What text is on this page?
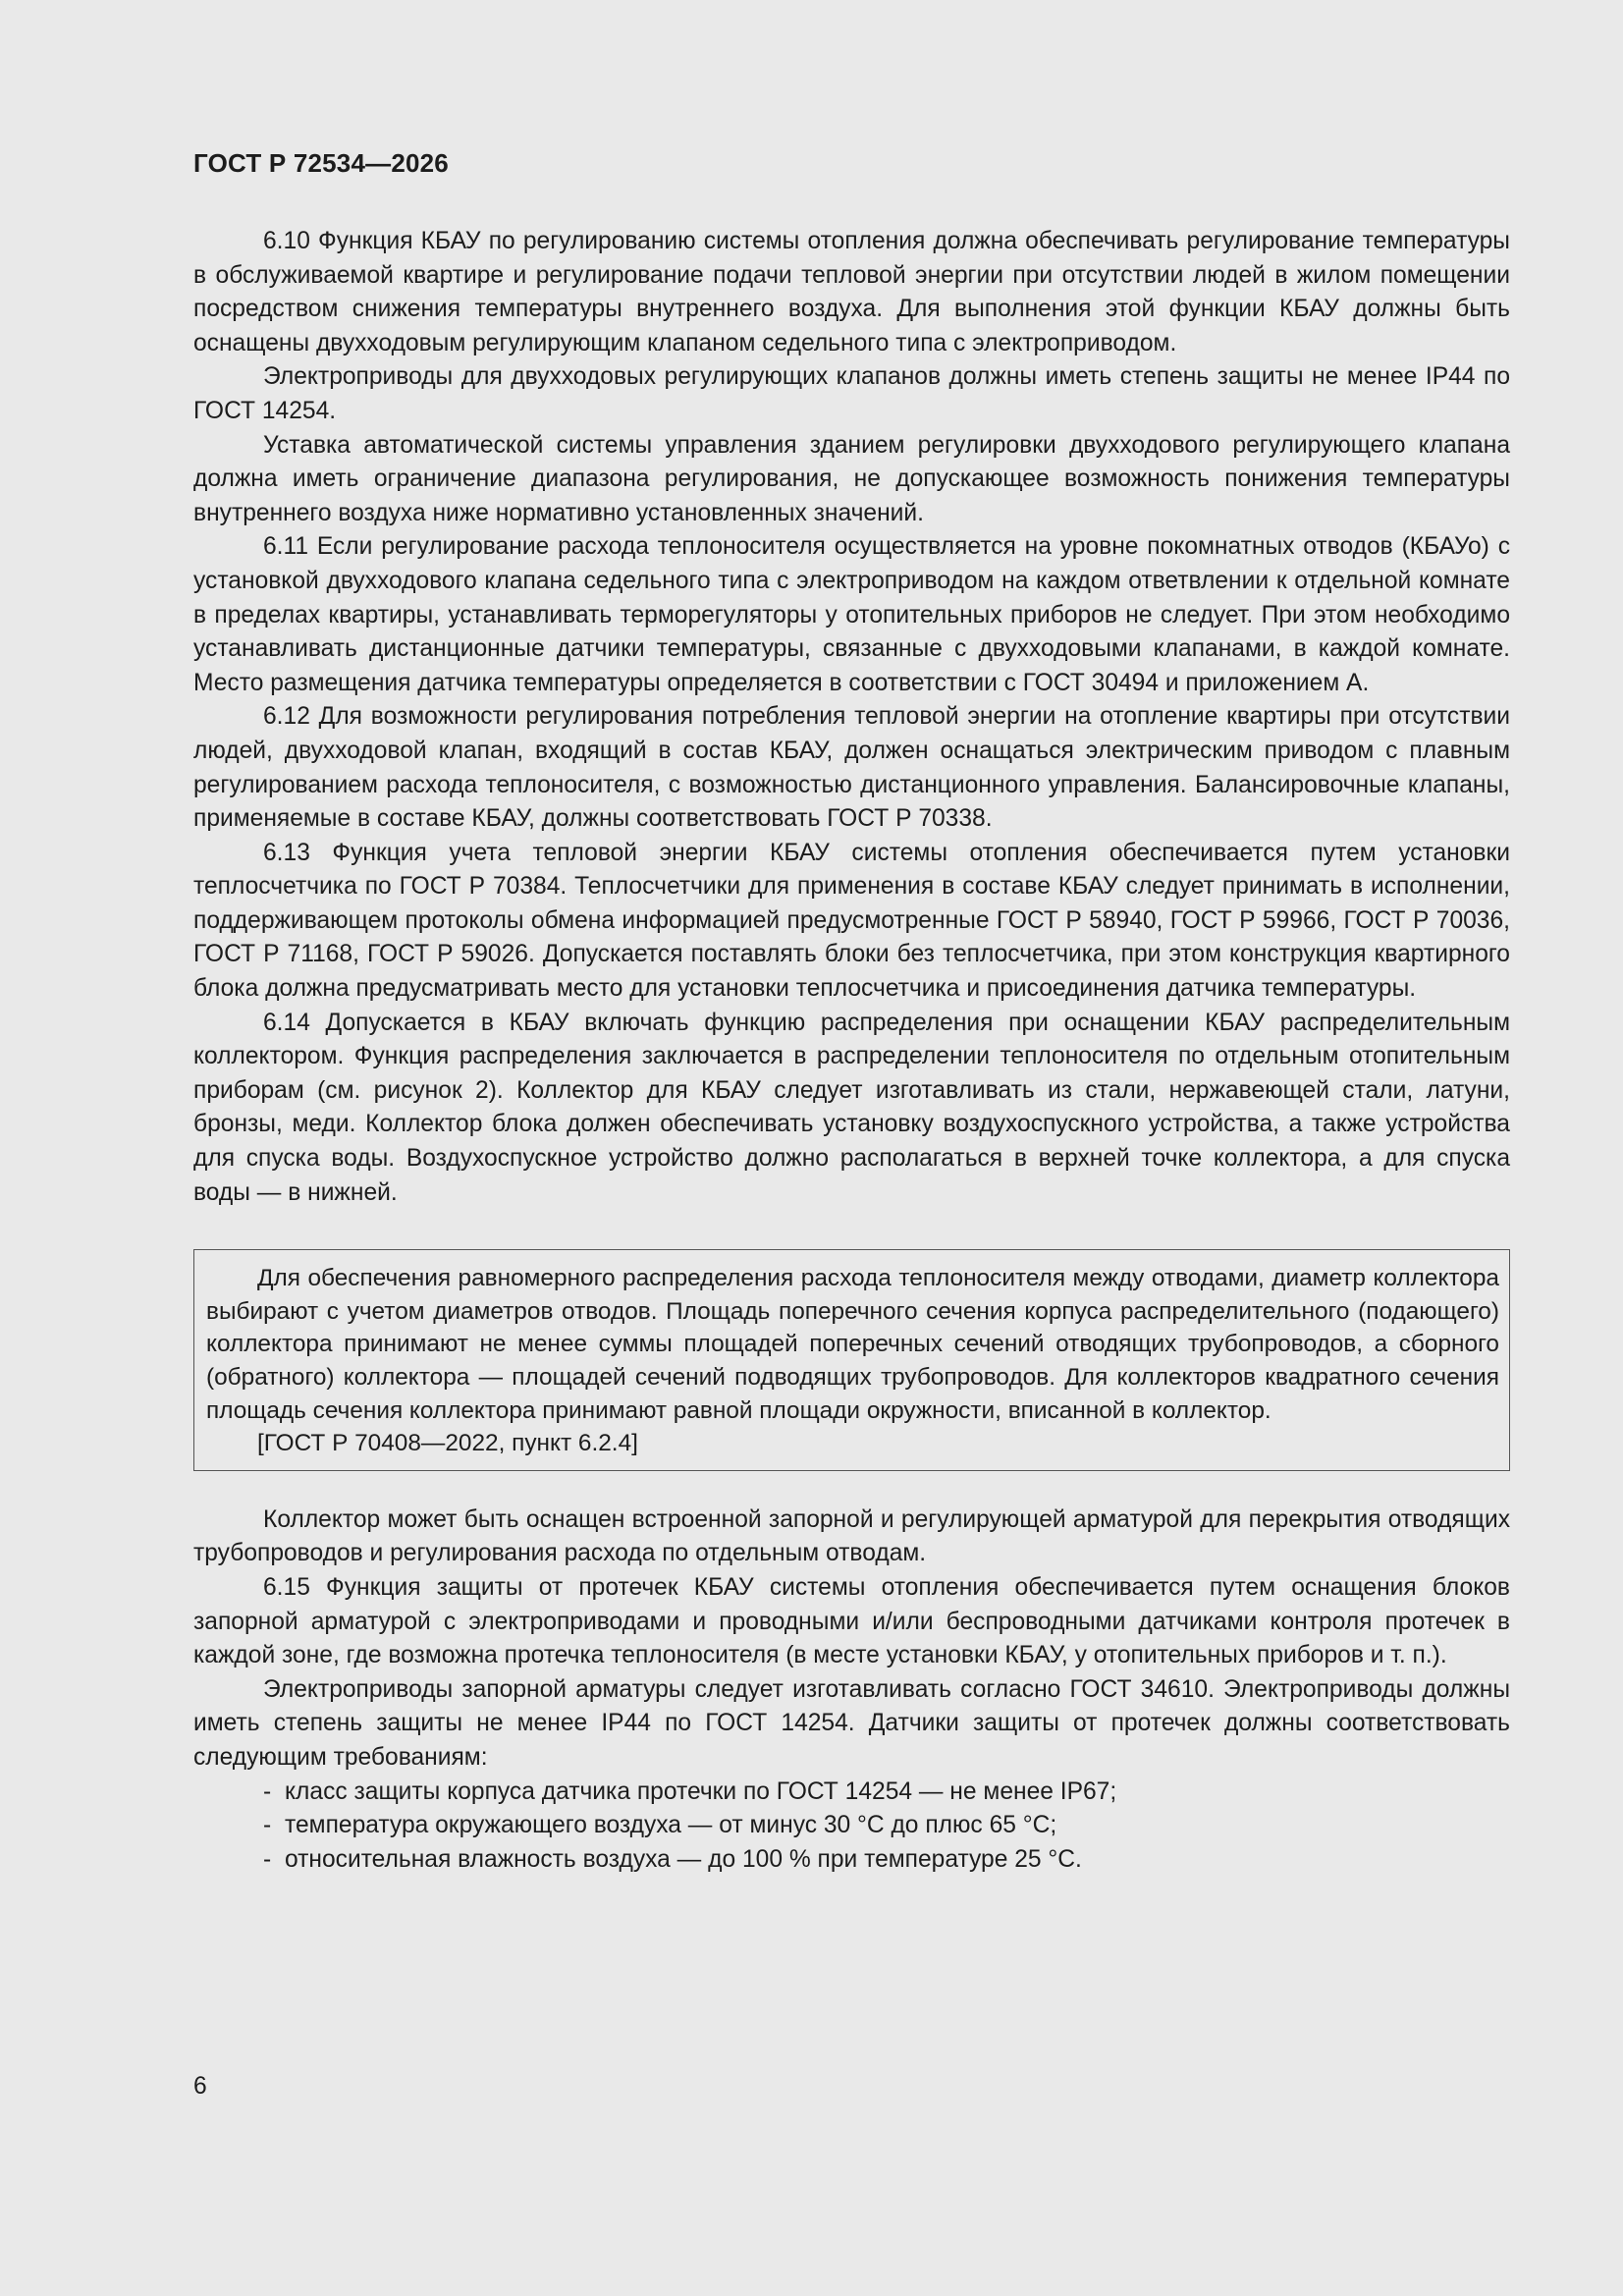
ГОСТ Р 72534—2026

6.10 Функция КБАУ по регулированию системы отопления должна обеспечивать регулирование температуры в обслуживаемой квартире и регулирование подачи тепловой энергии при отсутствии людей в жилом помещении посредством снижения температуры внутреннего воздуха. Для выполнения этой функции КБАУ должны быть оснащены двухходовым регулирующим клапаном седельного типа с электроприводом.

Электроприводы для двухходовых регулирующих клапанов должны иметь степень защиты не менее IP44 по ГОСТ 14254.

Уставка автоматической системы управления зданием регулировки двухходового регулирующего клапана должна иметь ограничение диапазона регулирования, не допускающее возможность понижения температуры внутреннего воздуха ниже нормативно установленных значений.

6.11 Если регулирование расхода теплоносителя осуществляется на уровне покомнатных отводов (КБАУо) с установкой двухходового клапана седельного типа с электроприводом на каждом ответвлении к отдельной комнате в пределах квартиры, устанавливать терморегуляторы у отопительных приборов не следует. При этом необходимо устанавливать дистанционные датчики температуры, связанные с двухходовыми клапанами, в каждой комнате. Место размещения датчика температуры определяется в соответствии с ГОСТ 30494 и приложением А.

6.12 Для возможности регулирования потребления тепловой энергии на отопление квартиры при отсутствии людей, двухходовой клапан, входящий в состав КБАУ, должен оснащаться электрическим приводом с плавным регулированием расхода теплоносителя, с возможностью дистанционного управления. Балансировочные клапаны, применяемые в составе КБАУ, должны соответствовать ГОСТ Р 70338.

6.13 Функция учета тепловой энергии КБАУ системы отопления обеспечивается путем установки теплосчетчика по ГОСТ Р 70384. Теплосчетчики для применения в составе КБАУ следует принимать в исполнении, поддерживающем протоколы обмена информацией предусмотренные ГОСТ Р 58940, ГОСТ Р 59966, ГОСТ Р 70036, ГОСТ Р 71168, ГОСТ Р 59026. Допускается поставлять блоки без теплосчетчика, при этом конструкция квартирного блока должна предусматривать место для установки теплосчетчика и присоединения датчика температуры.

6.14 Допускается в КБАУ включать функцию распределения при оснащении КБАУ распределительным коллектором. Функция распределения заключается в распределении теплоносителя по отдельным отопительным приборам (см. рисунок 2). Коллектор для КБАУ следует изготавливать из стали, нержавеющей стали, латуни, бронзы, меди. Коллектор блока должен обеспечивать установку воздухоспускного устройства, а также устройства для спуска воды. Воздухоспускное устройство должно располагаться в верхней точке коллектора, а для спуска воды — в нижней.

Для обеспечения равномерного распределения расхода теплоносителя между отводами, диаметр коллектора выбирают с учетом диаметров отводов. Площадь поперечного сечения корпуса распределительного (подающего) коллектора принимают не менее суммы площадей поперечных сечений отводящих трубопроводов, а сборного (обратного) коллектора — площадей сечений подводящих трубопроводов. Для коллекторов квадратного сечения площадь сечения коллектора принимают равной площади окружности, вписанной в коллектор.

[ГОСТ Р 70408—2022, пункт 6.2.4]

Коллектор может быть оснащен встроенной запорной и регулирующей арматурой для перекрытия отводящих трубопроводов и регулирования расхода по отдельным отводам.

6.15 Функция защиты от протечек КБАУ системы отопления обеспечивается путем оснащения блоков запорной арматурой с электроприводами и проводными и/или беспроводными датчиками контроля протечек в каждой зоне, где возможна протечка теплоносителя (в месте установки КБАУ, у отопительных приборов и т. п.).

Электроприводы запорной арматуры следует изготавливать согласно ГОСТ 34610. Электроприводы должны иметь степень защиты не менее IP44 по ГОСТ 14254. Датчики защиты от протечек должны соответствовать следующим требованиям:

- класс защиты корпуса датчика протечки по ГОСТ 14254 — не менее IP67;
- температура окружающего воздуха — от минус 30 °С до плюс 65 °С;
- относительная влажность воздуха — до 100 % при температуре 25 °С.
6
